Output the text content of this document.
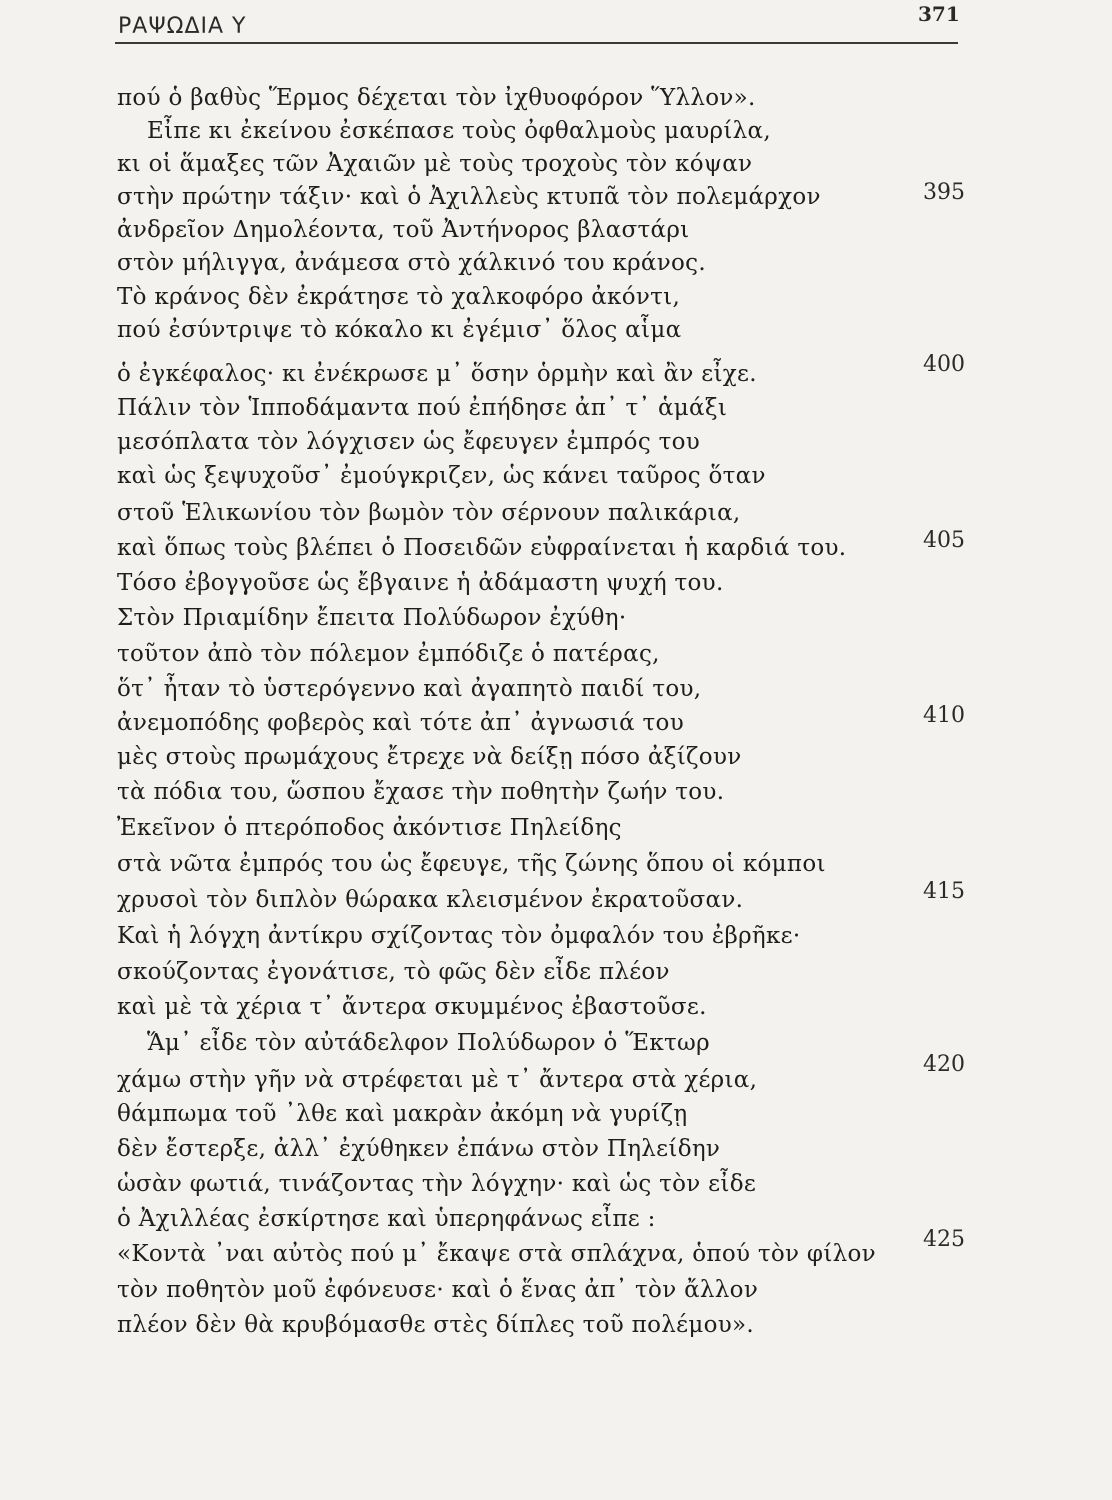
ΡΑΨΩΔΙΑ Υ	371
πού ὁ βαθὺς Ἕρμος δέχεται τὸν ἰχθυοφόρον Ὕλλον».
Εἶπε κι ἐκείνου ἐσκέπασε τοὺς ὀφθαλμοὺς μαυρίλα,
κι οἱ ἅμαξες τῶν Ἀχαιῶν μὲ τοὺς τροχοὺς τὸν κόψαν
στὴν πρώτην τάξιν· καὶ ὁ Ἀχιλλεὺς κτυπᾶ τὸν πολεμάρχον
ἀνδρεῖον Δημολέοντα, τοῦ Ἀντήνορος βλαστάρι
στὸν μήλιγγα, ἀνάμεσα στὸ χάλκινό του κράνος.
Τὸ κράνος δὲν ἐκράτησε τὸ χαλκοφόρο ἀκόντι,
πού ἐσύντριψε τὸ κόκαλο κι ἐγέμισ᾽ ὅλος αἷμα
ὁ ἐγκέφαλος· κι ἐνέκρωσε μ᾽ ὅσην ὁρμὴν καὶ ἂν εἶχε.
Πάλιν τὸν Ἱπποδάμαντα πού ἐπήδησε ἀπ᾽ τ᾽ ἁμάξι
μεσόπλατα τὸν λόγχισεν ὡς ἔφευγεν ἐμπρός του
καὶ ὡς ξεψυχοῦσ᾽ ἐμούγκριζεν, ὡς κάνει ταῦρος ὅταν
στοῦ Ἑλικωνίου τὸν βωμὸν τὸν σέρνουν παλικάρια,
καὶ ὅπως τοὺς βλέπει ὁ Ποσειδῶν εὐφραίνεται ἡ καρδιά του.
Τόσο ἐβογγοῦσε ὡς ἔβγαινε ἡ ἀδάμαστη ψυχή του.
Στὸν Πριαμίδην ἔπειτα Πολύδωρον ἐχύθη·
τοῦτον ἀπὸ τὸν πόλεμον ἐμπόδιζε ὁ πατέρας,
ὅτ᾽ ἦταν τὸ ὑστερόγεννο καὶ ἀγαπητὸ παιδί του,
ἀνεμοπόδης φοβερὸς καὶ τότε ἀπ᾽ ἀγνωσιά του
μὲς στοὺς πρωμάχους ἔτρεχε νὰ δείξῃ πόσο ἀξίζουν
τὰ πόδια του, ὥσπου ἔχασε τὴν ποθητὴν ζωήν του.
Ἐκεῖνον ὁ πτερόποδος ἀκόντισε Πηλείδης
στὰ νῶτα ἐμπρός του ὡς ἔφευγε, τῆς ζώνης ὅπου οἱ κόμποι
χρυσοὶ τὸν διπλὸν θώρακα κλεισμένον ἐκρατοῦσαν.
Καὶ ἡ λόγχη ἀντίκρυ σχίζοντας τὸν ὀμφαλόν του ἐβρῆκε·
σκούζοντας ἐγονάτισε, τὸ φῶς δὲν εἶδε πλέον
καὶ μὲ τὰ χέρια τ᾽ ἄντερα σκυμμένος ἐβαστοῦσε.
Ἅμ᾽ εἶδε τὸν αὐτάδελφον Πολύδωρον ὁ Ἕκτωρ
χάμω στὴν γῆν νὰ στρέφεται μὲ τ᾽ ἄντερα στὰ χέρια,
θάμπωμα τοῦ ᾽λθε καὶ μακρὰν ἀκόμη νὰ γυρίζῃ
δὲν ἔστερξε, ἀλλ᾽ ἐχύθηκεν ἐπάνω στὸν Πηλείδην
ὡσὰν φωτιά, τινάζοντας τὴν λόγχην· καὶ ὡς τὸν εἶδε
ὁ Ἀχιλλέας ἐσκίρτησε καὶ ὑπερηφάνως εἶπε :
«Κοντὰ ᾽ναι αὐτὸς πού μ᾽ ἔκαψε στὰ σπλάχνα, ὁπού τὸν φίλον
τὸν ποθητὸν μοῦ ἐφόνευσε· καὶ ὁ ἕνας ἀπ᾽ τὸν ἄλλον
πλέον δὲν θὰ κρυβόμασθε στὲς δίπλες τοῦ πολέμου».
395
400
405
410
415
420
425
